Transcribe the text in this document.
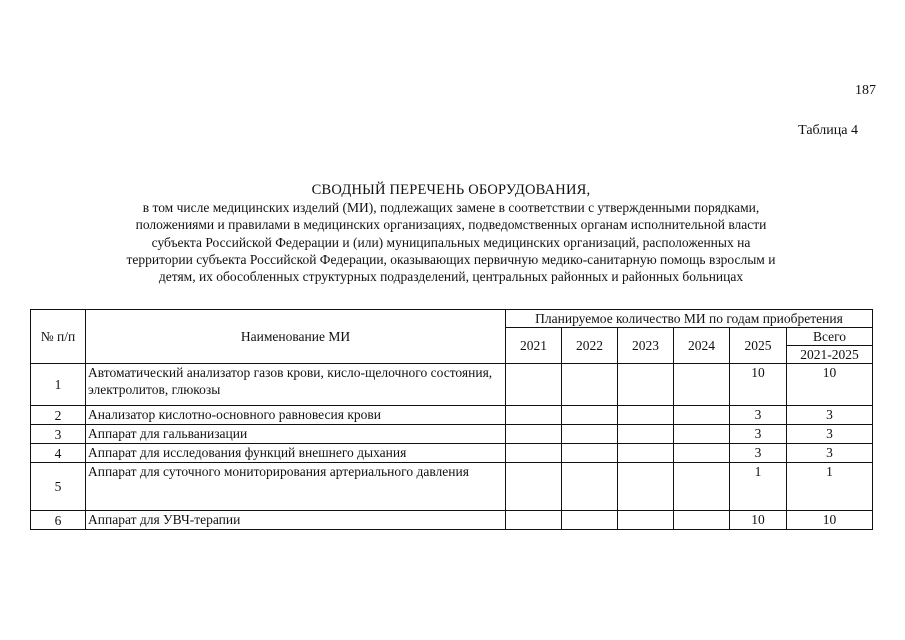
187
Таблица 4
СВОДНЫЙ ПЕРЕЧЕНЬ ОБОРУДОВАНИЯ,
в том числе медицинских изделий (МИ), подлежащих замене в соответствии с утвержденными порядками,
положениями и правилами в медицинских организациях, подведомственных органам исполнительной власти
субъекта Российской Федерации и (или) муниципальных медицинских организаций, расположенных на
территории субъекта Российской Федерации, оказывающих первичную медико-санитарную помощь взрослым и
детям, их обособленных структурных подразделений, центральных районных и районных больницах
№ п/п	Наименование МИ	Планируемое количество МИ по годам приобретения					
		2021	2022	2023	2024	2025	Всего
							2021-2025
1	Автоматический анализатор газов крови, кисло-щелочного состояния, электролитов, глюкозы					10	10
2	Анализатор кислотно-основного равновесия крови					3	3
3	Аппарат для гальванизации					3	3
4	Аппарат для исследования функций внешнего дыхания					3	3
5	Аппарат для суточного мониторирования артериального давления					1	1
6	Аппарат для УВЧ-терапии					10	10
